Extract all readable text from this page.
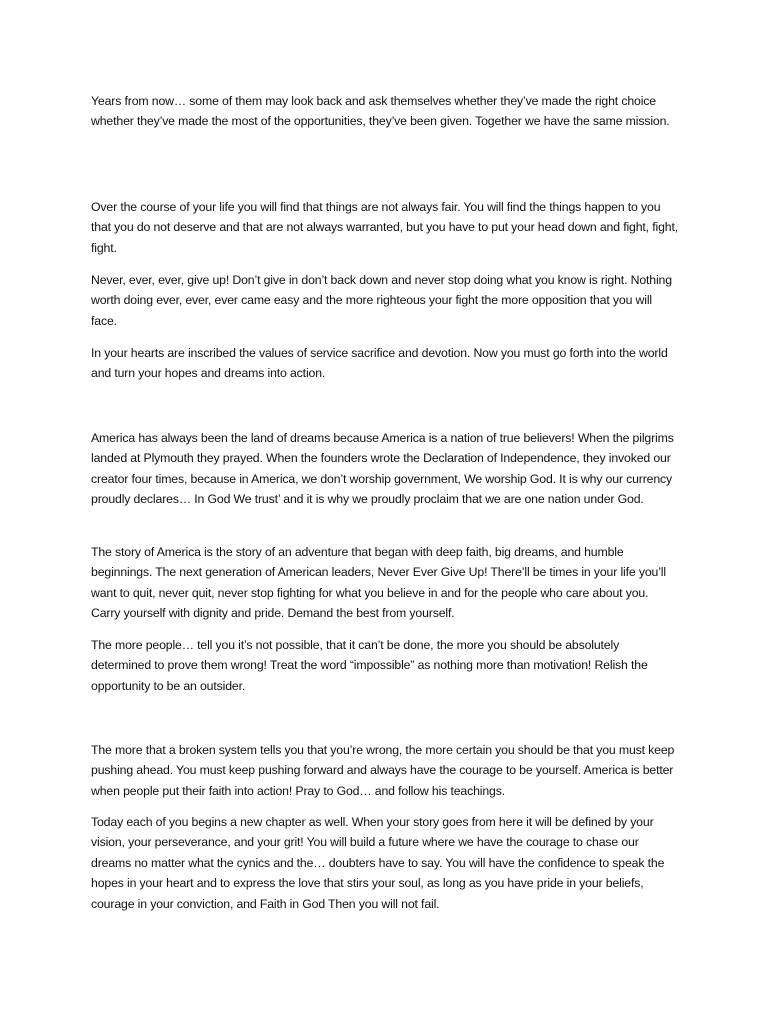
Years from now… some of them may look back and ask themselves whether they’ve made the right choice whether they’ve made the most of the opportunities, they’ve been given. Together we have the same mission.

Over the course of your life you will find that things are not always fair. You will find the things happen to you that you do not deserve and that are not always warranted, but you have to put your head down and fight, fight, fight.

Never, ever, ever, give up! Don’t give in don’t back down and never stop doing what you know is right. Nothing worth doing ever, ever, ever came easy and the more righteous your fight the more opposition that you will face.

In your hearts are inscribed the values of service sacrifice and devotion. Now you must go forth into the world and turn your hopes and dreams into action.

America has always been the land of dreams because America is a nation of true believers! When the pilgrims landed at Plymouth they prayed. When the founders wrote the Declaration of Independence, they invoked our creator four times, because in America, we don’t worship government, We worship God. It is why our currency proudly declares… In God We trust’ and it is why we proudly proclaim that we are one nation under God.

The story of America is the story of an adventure that began with deep faith, big dreams, and humble beginnings. The next generation of American leaders, Never Ever Give Up! There’ll be times in your life you’ll want to quit, never quit, never stop fighting for what you believe in and for the people who care about you. Carry yourself with dignity and pride. Demand the best from yourself.

The more people… tell you it’s not possible, that it can’t be done, the more you should be absolutely determined to prove them wrong! Treat the word “impossible” as nothing more than motivation! Relish the opportunity to be an outsider.

The more that a broken system tells you that you’re wrong, the more certain you should be that you must keep pushing ahead. You must keep pushing forward and always have the courage to be yourself. America is better when people put their faith into action! Pray to God… and follow his teachings.

Today each of you begins a new chapter as well. When your story goes from here it will be defined by your vision, your perseverance, and your grit! You will build a future where we have the courage to chase our dreams no matter what the cynics and the… doubters have to say. You will have the confidence to speak the hopes in your heart and to express the love that stirs your soul, as long as you have pride in your beliefs, courage in your conviction, and Faith in God Then you will not fail.
